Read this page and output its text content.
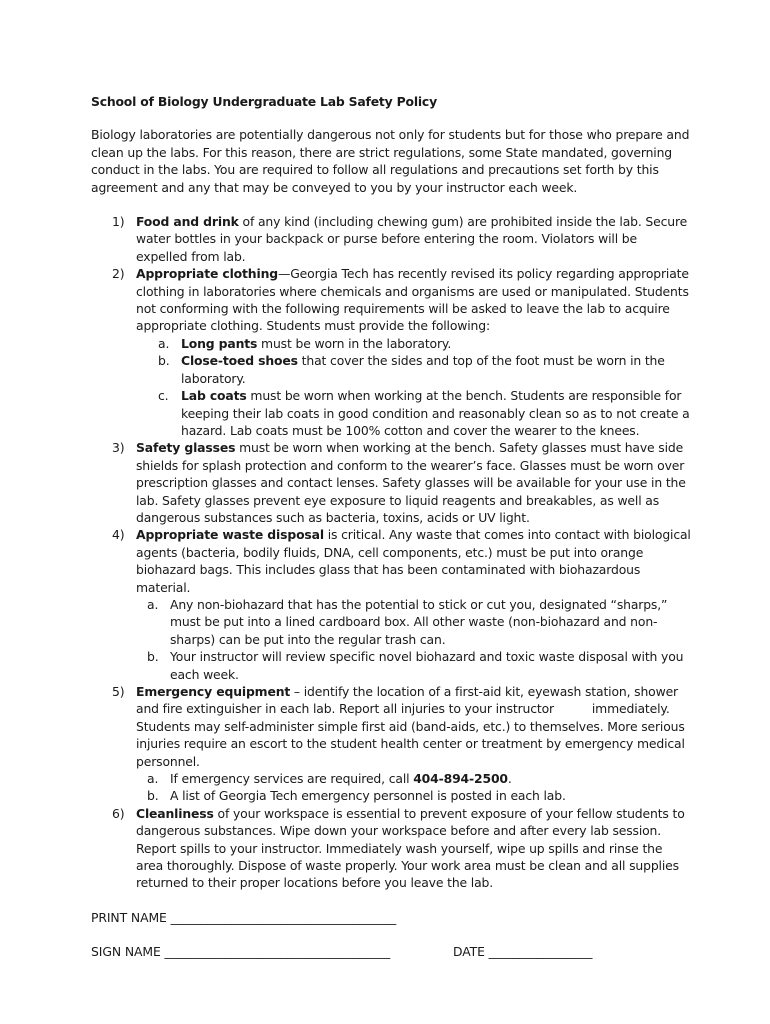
School of Biology Undergraduate Lab Safety Policy
Biology laboratories are potentially dangerous not only for students but for those who prepare and clean up the labs. For this reason, there are strict regulations, some State mandated, governing conduct in the labs. You are required to follow all regulations and precautions set forth by this agreement and any that may be conveyed to you by your instructor each week.
1) Food and drink of any kind (including chewing gum) are prohibited inside the lab. Secure water bottles in your backpack or purse before entering the room. Violators will be expelled from lab.
2) Appropriate clothing—Georgia Tech has recently revised its policy regarding appropriate clothing in laboratories where chemicals and organisms are used or manipulated. Students not conforming with the following requirements will be asked to leave the lab to acquire appropriate clothing. Students must provide the following:
a. Long pants must be worn in the laboratory.
b. Close-toed shoes that cover the sides and top of the foot must be worn in the laboratory.
c. Lab coats must be worn when working at the bench. Students are responsible for keeping their lab coats in good condition and reasonably clean so as to not create a hazard. Lab coats must be 100% cotton and cover the wearer to the knees.
3) Safety glasses must be worn when working at the bench. Safety glasses must have side shields for splash protection and conform to the wearer’s face. Glasses must be worn over prescription glasses and contact lenses. Safety glasses will be available for your use in the lab. Safety glasses prevent eye exposure to liquid reagents and breakables, as well as dangerous substances such as bacteria, toxins, acids or UV light.
4) Appropriate waste disposal is critical. Any waste that comes into contact with biological agents (bacteria, bodily fluids, DNA, cell components, etc.) must be put into orange biohazard bags. This includes glass that has been contaminated with biohazardous material.
a. Any non-biohazard that has the potential to stick or cut you, designated “sharps,” must be put into a lined cardboard box. All other waste (non-biohazard and non-sharps) can be put into the regular trash can.
b. Your instructor will review specific novel biohazard and toxic waste disposal with you each week.
5) Emergency equipment – identify the location of a first-aid kit, eyewash station, shower and fire extinguisher in each lab. Report all injuries to your instructor          immediately. Students may self-administer simple first aid (band-aids, etc.) to themselves. More serious injuries require an escort to the student health center or treatment by emergency medical personnel.
a. If emergency services are required, call 404-894-2500.
b. A list of Georgia Tech emergency personnel is posted in each lab.
6) Cleanliness of your workspace is essential to prevent exposure of your fellow students to dangerous substances. Wipe down your workspace before and after every lab session. Report spills to your instructor. Immediately wash yourself, wipe up spills and rinse the area thoroughly. Dispose of waste properly. Your work area must be clean and all supplies returned to their proper locations before you leave the lab.
PRINT NAME _____________________________________
SIGN NAME _____________________________________	DATE _________________
